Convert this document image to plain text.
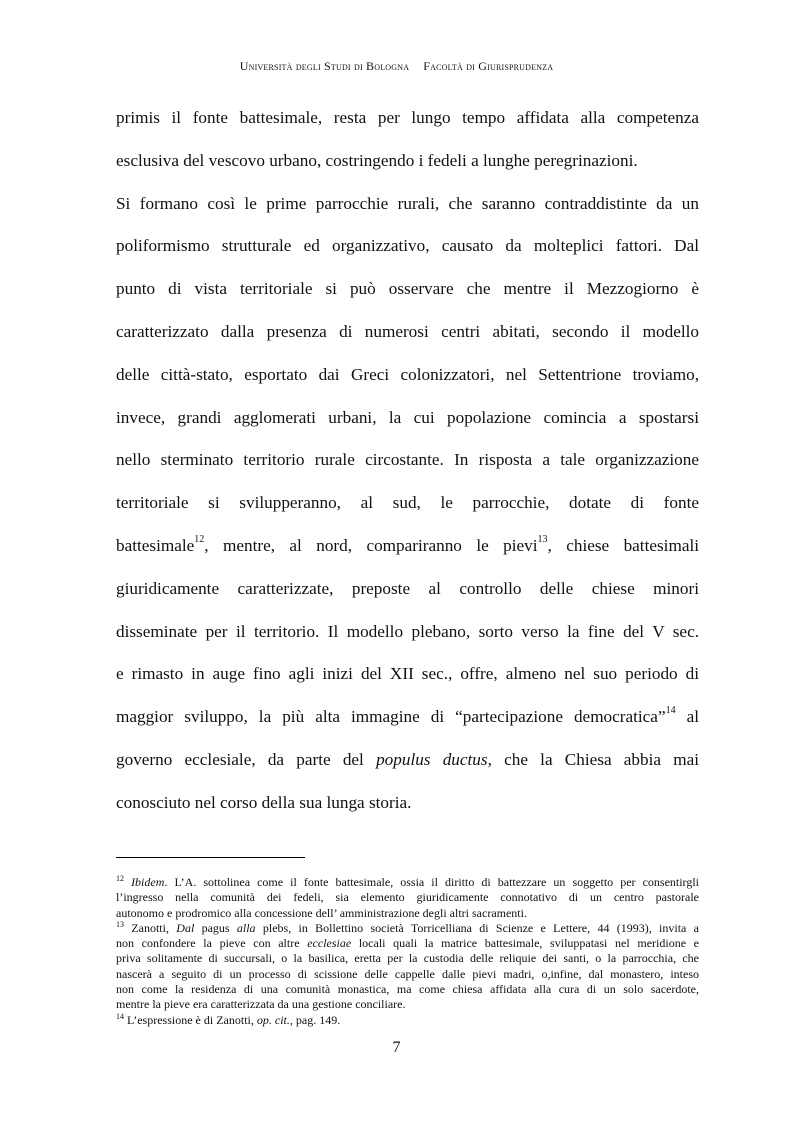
Università degli Studi di Bologna Facoltà di Giurisprudenza
primis il fonte battesimale, resta per lungo tempo affidata alla competenza
esclusiva del vescovo urbano, costringendo i fedeli a lunghe peregrinazioni.
Si formano così le prime parrocchie rurali, che saranno contraddistinte da un
poliformismo strutturale ed organizzativo, causato da molteplici fattori. Dal
punto di vista territoriale si può osservare che mentre il Mezzogiorno è
caratterizzato dalla presenza di numerosi centri abitati, secondo il modello
delle città-stato, esportato dai Greci colonizzatori, nel Settentrione troviamo,
invece, grandi agglomerati urbani, la cui popolazione comincia a spostarsi
nello sterminato territorio rurale circostante. In risposta a tale organizzazione
territoriale si svilupperanno, al sud, le parrocchie, dotate di fonte
battesimale$^{12}$, mentre, al nord, compariranno le pievi$^{13}$, chiese battesimali
giuridicamente caratterizzate, preposte al controllo delle chiese minori
disseminate per il territorio. Il modello plebano, sorto verso la fine del V sec.
e rimasto in auge fino agli inizi del XII sec., offre, almeno nel suo periodo di
maggior sviluppo, la più alta immagine di “partecipazione democratica”$^{14}$ al
governo ecclesiale, da parte del populus ductus, che la Chiesa abbia mai
conosciuto nel corso della sua lunga storia.
$^{12}$ Ibidem. L’A. sottolinea come il fonte battesimale, ossia il diritto di battezzare un soggetto per consentirgli
l’ingresso nella comunità dei fedeli, sia elemento giuridicamente connotativo di un centro pastorale
autonomo e prodromico alla concessione dell’ amministrazione degli altri sacramenti.
$^{13}$ Zanotti, Dal pagus alla plebs, in Bollettino società Torricelliana di Scienze e Lettere, 44 (1993), invita a
non confondere la pieve con altre ecclesiae locali quali la matrice battesimale, sviluppatasi nel meridione e
priva solitamente di succursali, o la basilica, eretta per la custodia delle reliquie dei santi, o la parrocchia, che
nascerà a seguito di un processo di scissione delle cappelle dalle pievi madri, o,infine, dal monastero, inteso
non come la residenza di una comunità monastica, ma come chiesa affidata alla cura di un solo sacerdote,
mentre la pieve era caratterizzata da una gestione conciliare.
$^{14}$ L’espressione è di Zanotti, op. cit., pag. 149.
7
